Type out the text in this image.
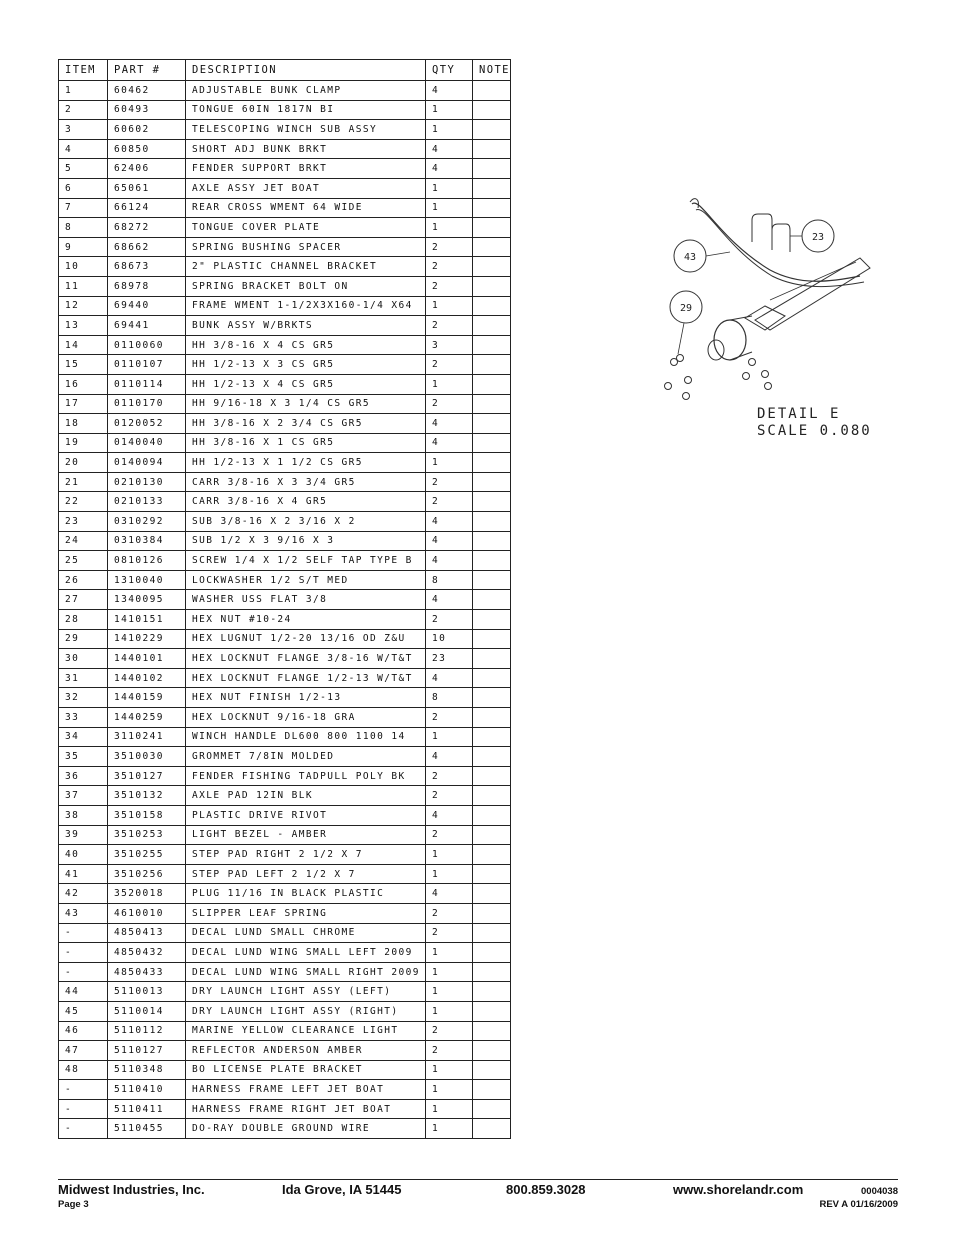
ITEM	PART #	DESCRIPTION	QTY	NOTE
1	60462	ADJUSTABLE BUNK CLAMP	4	
2	60493	TONGUE 60IN 1817N BI	1	
3	60602	TELESCOPING WINCH SUB ASSY	1	
4	60850	SHORT ADJ BUNK BRKT	4	
5	62406	FENDER SUPPORT BRKT	4	
6	65061	AXLE ASSY JET BOAT	1	
7	66124	REAR CROSS WMENT 64 WIDE	1	
8	68272	TONGUE COVER PLATE	1	
9	68662	SPRING BUSHING SPACER	2	
10	68673	2" PLASTIC CHANNEL BRACKET	2	
11	68978	SPRING BRACKET BOLT ON	2	
12	69440	FRAME WMENT 1-1/2X3X160-1/4 X64	1	
13	69441	BUNK ASSY W/BRKTS	2	
14	0110060	HH 3/8-16 X 4 CS GR5	3	
15	0110107	HH 1/2-13 X 3 CS GR5	2	
16	0110114	HH 1/2-13 X 4 CS GR5	1	
17	0110170	HH 9/16-18 X 3 1/4 CS GR5	2	
18	0120052	HH 3/8-16 X 2 3/4 CS GR5	4	
19	0140040	HH 3/8-16 X 1 CS GR5	4	
20	0140094	HH 1/2-13 X 1 1/2 CS GR5	1	
21	0210130	CARR 3/8-16 X 3 3/4 GR5	2	
22	0210133	CARR 3/8-16 X 4 GR5	2	
23	0310292	SUB 3/8-16 X 2 3/16 X 2	4	
24	0310384	SUB 1/2 X 3 9/16 X 3	4	
25	0810126	SCREW 1/4 X 1/2 SELF TAP TYPE B	4	
26	1310040	LOCKWASHER 1/2 S/T MED	8	
27	1340095	WASHER USS FLAT 3/8	4	
28	1410151	HEX NUT #10-24	2	
29	1410229	HEX LUGNUT 1/2-20 13/16 OD Z&U	10	
30	1440101	HEX LOCKNUT FLANGE 3/8-16 W/T&T	23	
31	1440102	HEX LOCKNUT FLANGE 1/2-13 W/T&T	4	
32	1440159	HEX NUT FINISH 1/2-13	8	
33	1440259	HEX LOCKNUT 9/16-18 GRA	2	
34	3110241	WINCH HANDLE DL600 800 1100 14	1	
35	3510030	GROMMET 7/8IN MOLDED	4	
36	3510127	FENDER FISHING TADPULL POLY BK	2	
37	3510132	AXLE PAD 12IN BLK	2	
38	3510158	PLASTIC DRIVE RIVOT	4	
39	3510253	LIGHT BEZEL - AMBER	2	
40	3510255	STEP PAD RIGHT 2 1/2 X 7	1	
41	3510256	STEP PAD LEFT 2 1/2 X 7	1	
42	3520018	PLUG 11/16 IN BLACK PLASTIC	4	
43	4610010	SLIPPER LEAF SPRING	2	
-	4850413	DECAL LUND SMALL CHROME	2	
-	4850432	DECAL LUND WING SMALL LEFT 2009	1	
-	4850433	DECAL LUND WING SMALL RIGHT 2009	1	
44	5110013	DRY LAUNCH LIGHT ASSY (LEFT)	1	
45	5110014	DRY LAUNCH LIGHT ASSY (RIGHT)	1	
46	5110112	MARINE YELLOW CLEARANCE LIGHT	2	
47	5110127	REFLECTOR ANDERSON AMBER	2	
48	5110348	BO LICENSE PLATE BRACKET	1	
-	5110410	HARNESS FRAME LEFT JET BOAT	1	
-	5110411	HARNESS FRAME RIGHT JET BOAT	1	
-	5110455	DO-RAY DOUBLE GROUND WIRE	1	
43
23
29
DETAIL E
SCALE 0.080
Midwest Industries, Inc.	Ida Grove, IA 51445	800.859.3028	www.shorelandr.com	0004038
Page 3	REV A 01/16/2009
